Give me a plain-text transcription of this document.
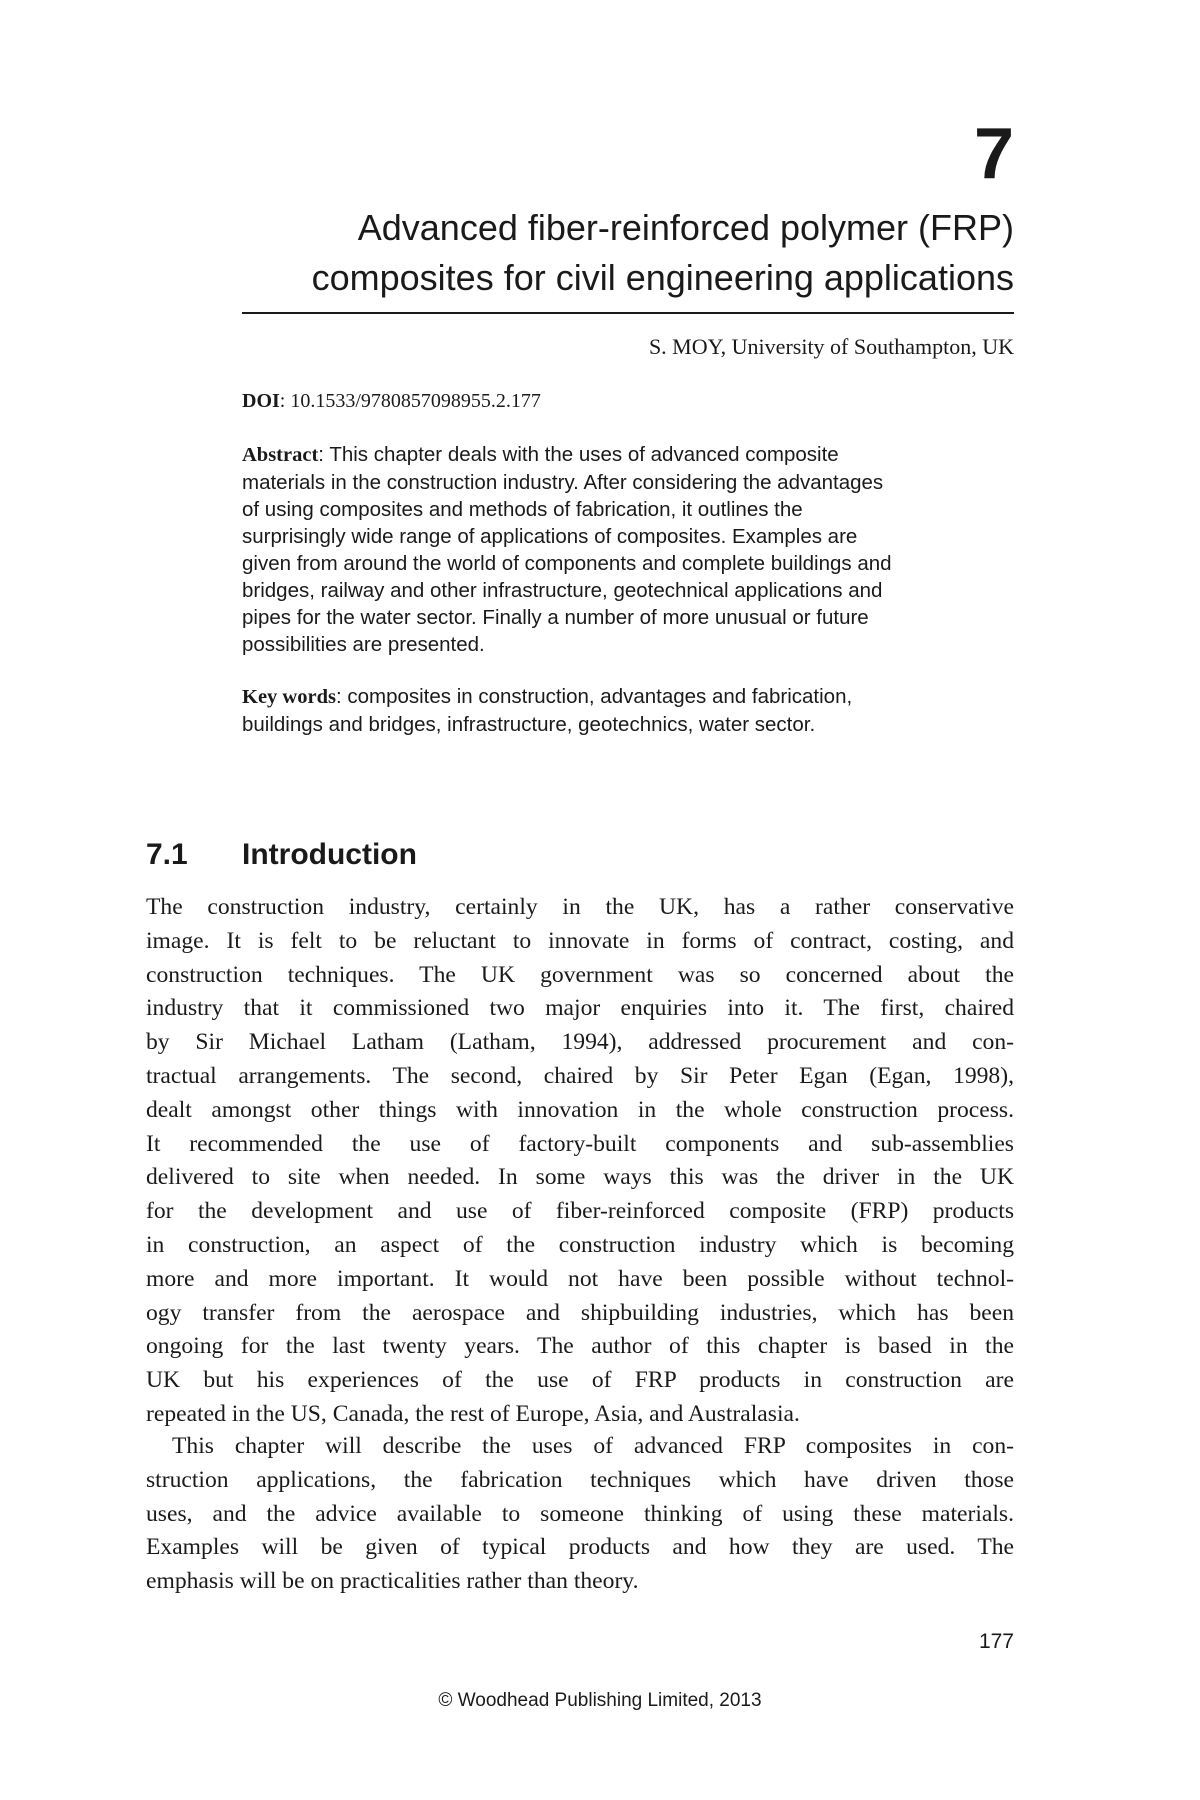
7
Advanced fiber-reinforced polymer (FRP)
composites for civil engineering applications
S. MOY, University of Southampton, UK
DOI: 10.1533/9780857098955.2.177

Abstract: This chapter deals with the uses of advanced composite
materials in the construction industry. After considering the advantages
of using composites and methods of fabrication, it outlines the
surprisingly wide range of applications of composites. Examples are
given from around the world of components and complete buildings and
bridges, railway and other infrastructure, geotechnical applications and
pipes for the water sector. Finally a number of more unusual or future
possibilities are presented.

Key words: composites in construction, advantages and fabrication,
buildings and bridges, infrastructure, geotechnics, water sector.

7.1	Introduction

The construction industry, certainly in the UK, has a rather conservative
image. It is felt to be reluctant to innovate in forms of contract, costing, and
construction techniques. The UK government was so concerned about the
industry that it commissioned two major enquiries into it. The first, chaired
by Sir Michael Latham (Latham, 1994), addressed procurement and con-
tractual arrangements. The second, chaired by Sir Peter Egan (Egan, 1998),
dealt amongst other things with innovation in the whole construction process.
It recommended the use of factory-built components and sub-assemblies
delivered to site when needed. In some ways this was the driver in the UK
for the development and use of fiber-reinforced composite (FRP) products
in construction, an aspect of the construction industry which is becoming
more and more important. It would not have been possible without technol-
ogy transfer from the aerospace and shipbuilding industries, which has been
ongoing for the last twenty years. The author of this chapter is based in the
UK but his experiences of the use of FRP products in construction are
repeated in the US, Canada, the rest of Europe, Asia, and Australasia.

This chapter will describe the uses of advanced FRP composites in con-
struction applications, the fabrication techniques which have driven those
uses, and the advice available to someone thinking of using these materials.
Examples will be given of typical products and how they are used. The
emphasis will be on practicalities rather than theory.

177
© Woodhead Publishing Limited, 2013
